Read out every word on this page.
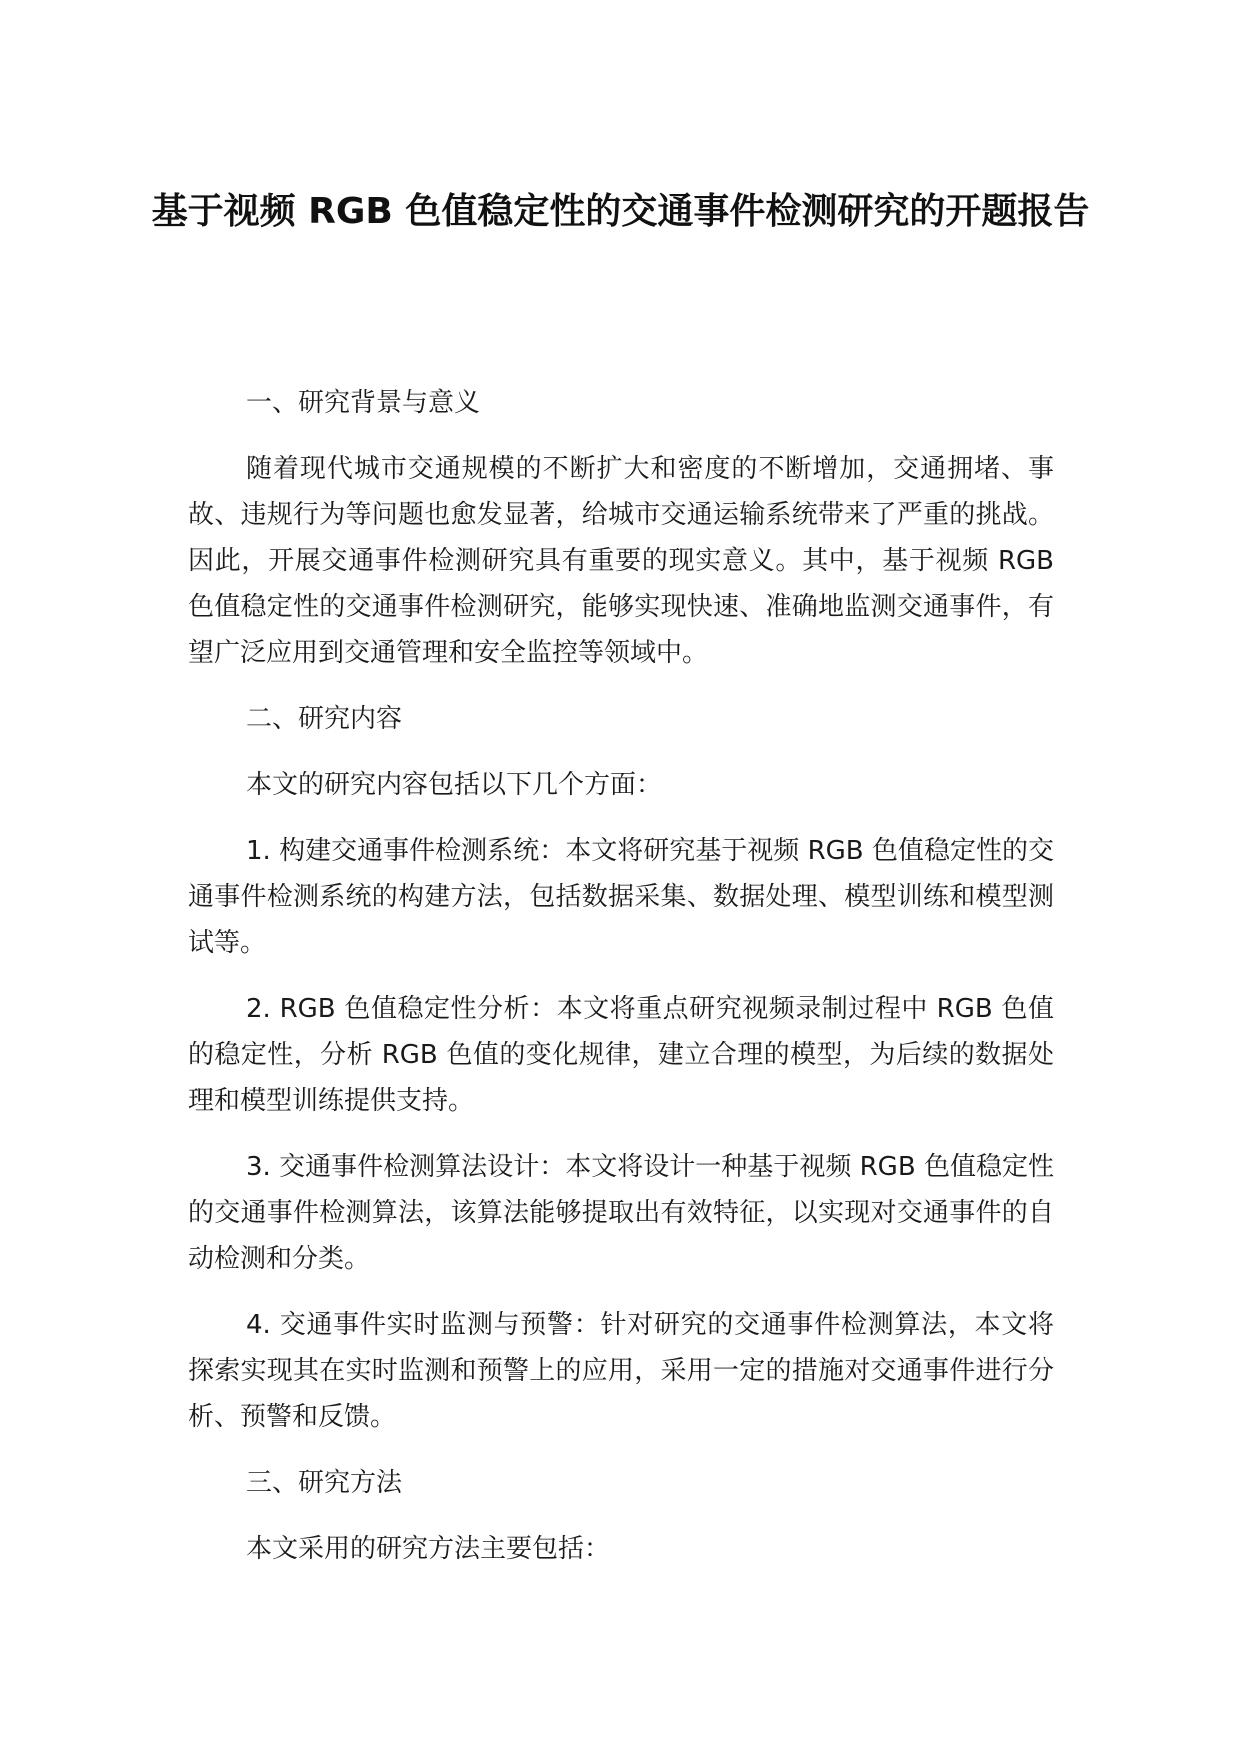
基于视频 RGB 色值稳定性的交通事件检测研究的开题报告

一、研究背景与意义

随着现代城市交通规模的不断扩大和密度的不断增加，交通拥堵、事故、违规行为等问题也愈发显著，给城市交通运输系统带来了严重的挑战。因此，开展交通事件检测研究具有重要的现实意义。其中，基于视频 RGB 色值稳定性的交通事件检测研究，能够实现快速、准确地监测交通事件，有望广泛应用到交通管理和安全监控等领域中。

二、研究内容

本文的研究内容包括以下几个方面：

1. 构建交通事件检测系统：本文将研究基于视频 RGB 色值稳定性的交通事件检测系统的构建方法，包括数据采集、数据处理、模型训练和模型测试等。

2. RGB 色值稳定性分析：本文将重点研究视频录制过程中 RGB 色值的稳定性，分析 RGB 色值的变化规律，建立合理的模型，为后续的数据处理和模型训练提供支持。

3. 交通事件检测算法设计：本文将设计一种基于视频 RGB 色值稳定性的交通事件检测算法，该算法能够提取出有效特征，以实现对交通事件的自动检测和分类。

4. 交通事件实时监测与预警：针对研究的交通事件检测算法，本文将探索实现其在实时监测和预警上的应用，采用一定的措施对交通事件进行分析、预警和反馈。

三、研究方法

本文采用的研究方法主要包括：
